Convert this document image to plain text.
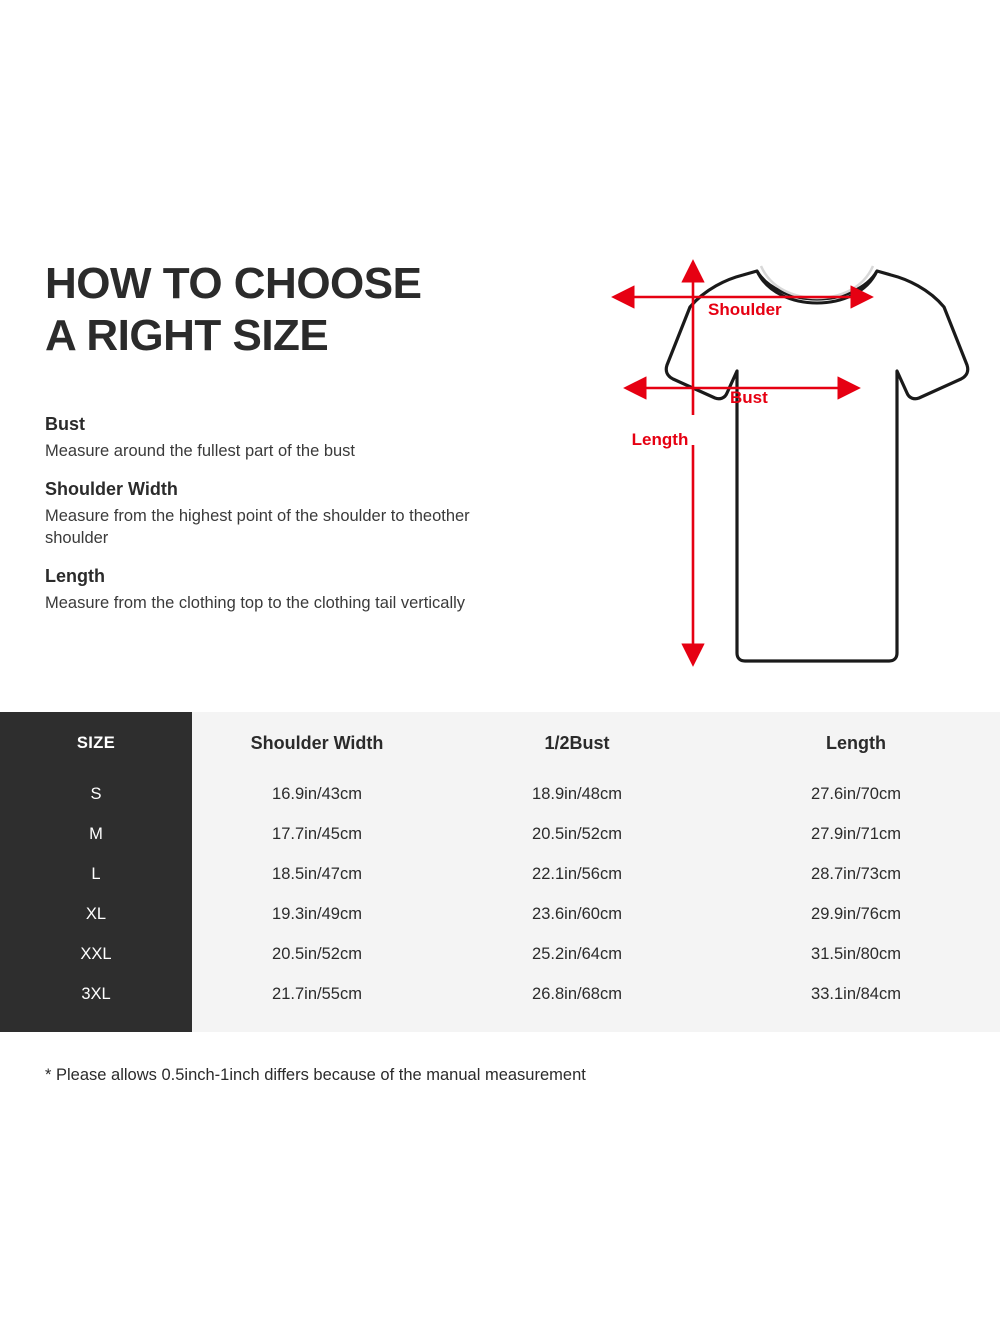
HOW TO CHOOSE
A RIGHT SIZE
Bust
Measure around the fullest part of the bust
Shoulder Width
Measure from the highest point of the shoulder to theother shoulder
Length
Measure from the clothing top to the clothing tail vertically
Shoulder
Bust
Length
SIZE	Shoulder Width	1/2Bust	Length
S	16.9in/43cm	18.9in/48cm	27.6in/70cm
M	17.7in/45cm	20.5in/52cm	27.9in/71cm
L	18.5in/47cm	22.1in/56cm	28.7in/73cm
XL	19.3in/49cm	23.6in/60cm	29.9in/76cm
XXL	20.5in/52cm	25.2in/64cm	31.5in/80cm
3XL	21.7in/55cm	26.8in/68cm	33.1in/84cm
* Please allows 0.5inch-1inch differs because of the manual measurement
